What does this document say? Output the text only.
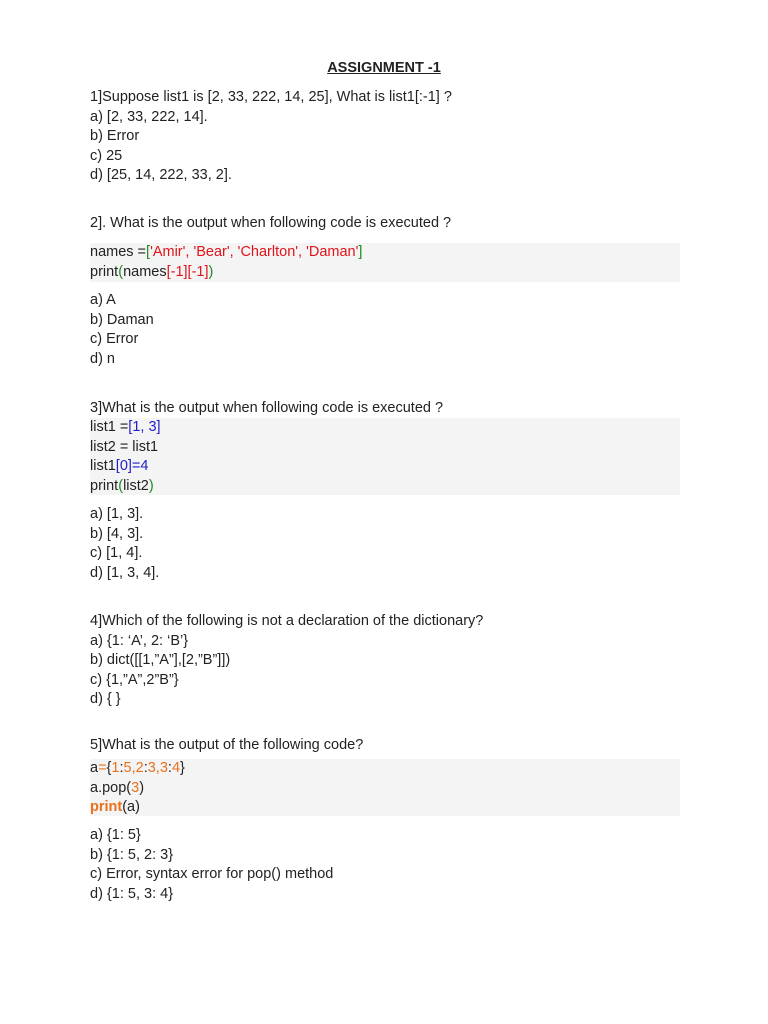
ASSIGNMENT -1
1]Suppose list1 is [2, 33, 222, 14, 25], What is list1[:-1] ?
a) [2, 33, 222, 14].
b) Error
c) 25
d) [25, 14, 222, 33, 2].
2]. What is the output when following code is executed ?
names =['Amir', 'Bear', 'Charlton', 'Daman']
print(names[-1][-1])
a) A
b) Daman
c) Error
d) n
3]What is the output when following code is executed ?
list1 =[1, 3]
list2 = list1
list1[0]=4
print(list2)
a) [1, 3].
b) [4, 3].
c) [1, 4].
d) [1, 3, 4].
4]Which of the following is not a declaration of the dictionary?
a) {1: ‘A’, 2: ‘B’}
b) dict([[1,”A”],[2,”B”]])
c) {1,”A”,2”B”}
d) { }
5]What is the output of the following code?
a={1:5,2:3,3:4}
a.pop(3)
print(a)
a) {1: 5}
b) {1: 5, 2: 3}
c) Error, syntax error for pop() method
d) {1: 5, 3: 4}
